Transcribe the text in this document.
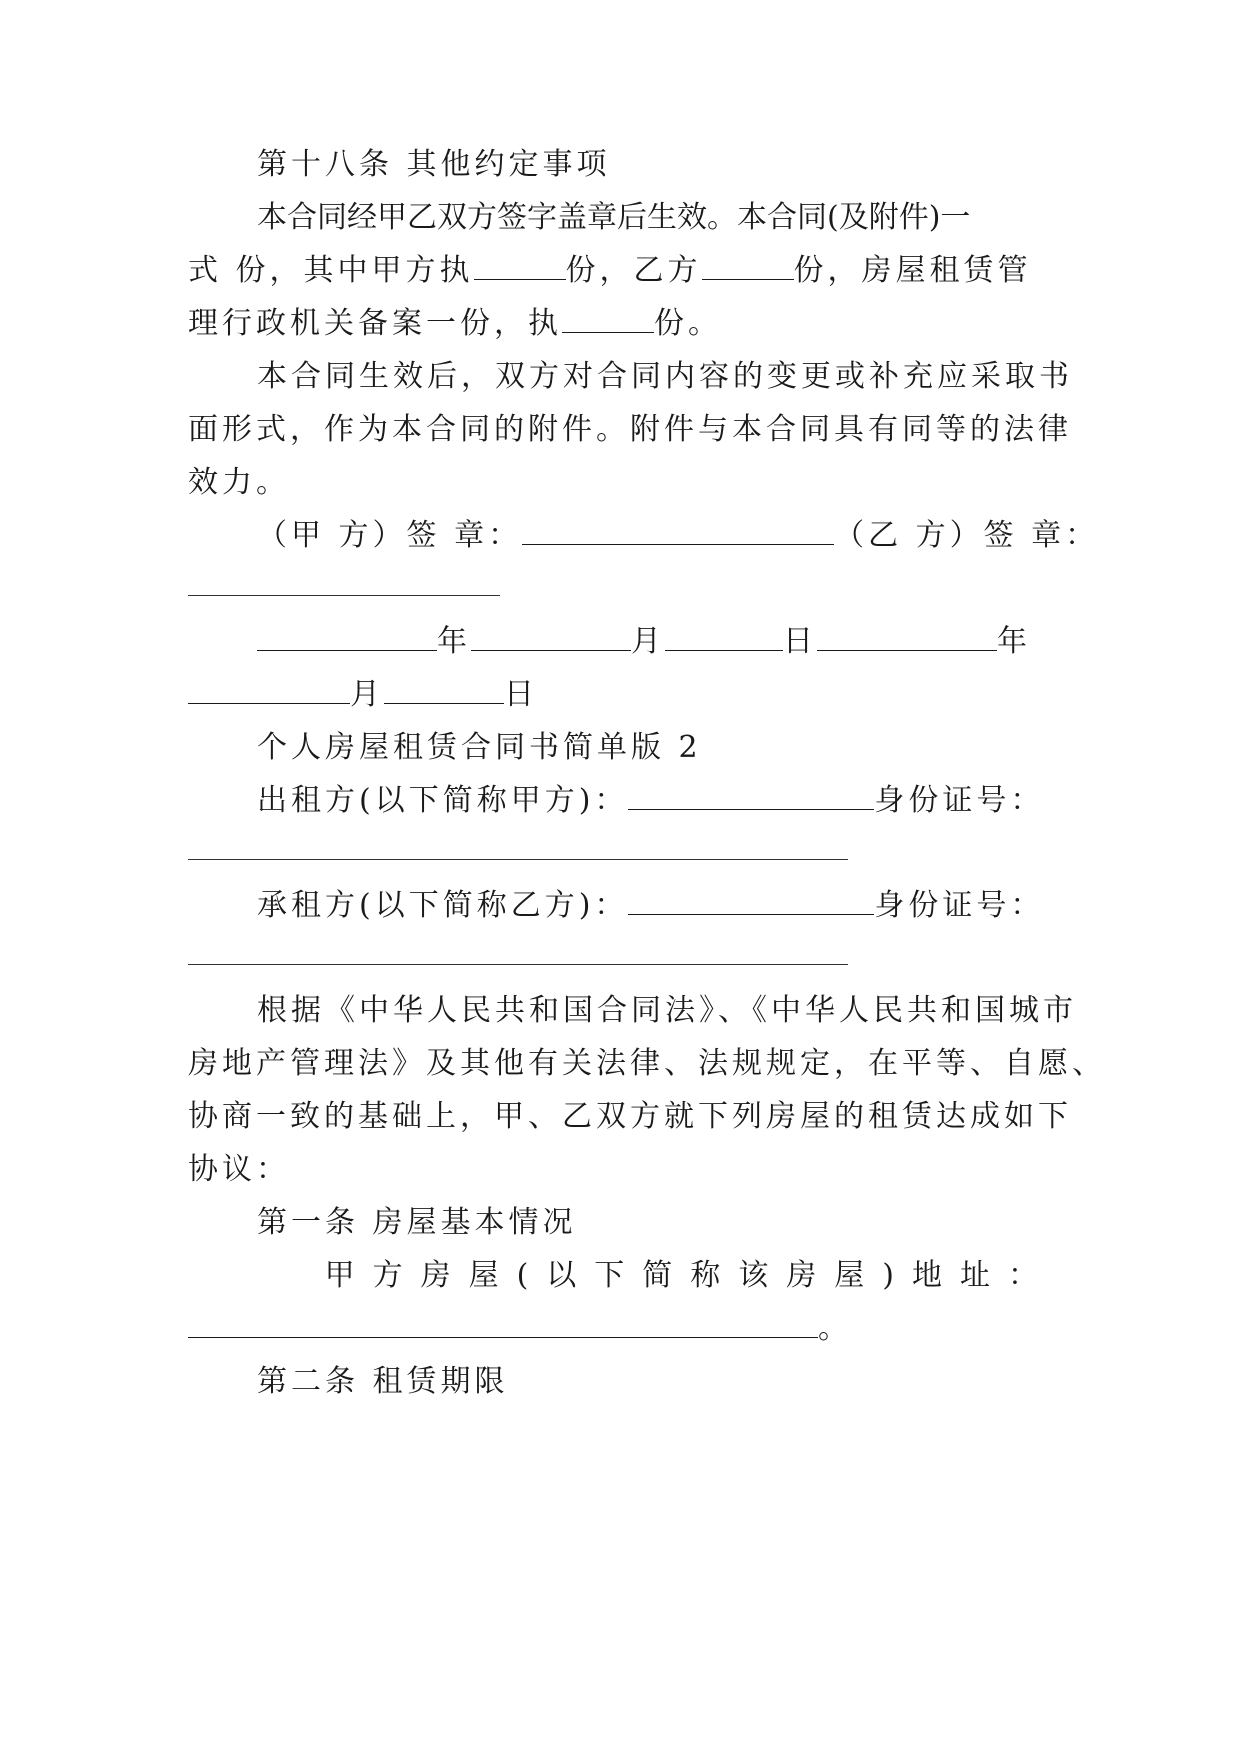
第十八条 其他约定事项

本合同经甲乙双方签字盖章后生效。本合同(及附件)一

式 份，其中甲方执	份，乙方	份，房屋租赁管

理行政机关备案一份，执	份。

本合同生效后，双方对合同内容的变更或补充应采取书

面形式，作为本合同的附件。附件与本合同具有同等的法律

效力。

（甲 方）签 章：	（乙 方）签 章：

年	月	日	年

月	日

个人房屋租赁合同书简单版 2

出租方(以下简称甲方)：	身份证号：

承租方(以下简称乙方)：	身份证号：

根据《中华人民共和国合同法》、《中华人民共和国城市

房地产管理法》及其他有关法律、法规规定，在平等、自愿、

协商一致的基础上，甲、乙双方就下列房屋的租赁达成如下

协议：

第一条 房屋基本情况

甲方房屋(以下简称该房屋)地址：

。

第二条 租赁期限
